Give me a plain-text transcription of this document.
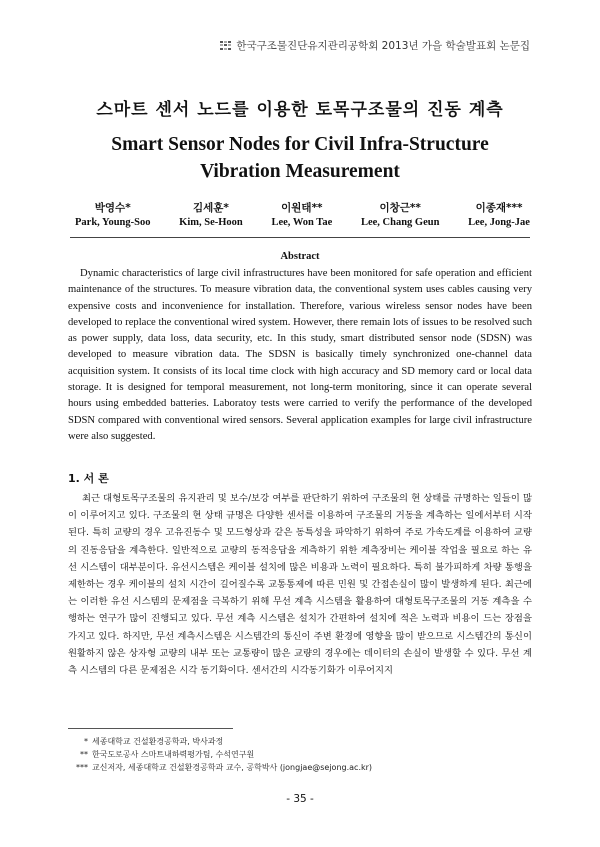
한국구조물진단유지관리공학회 2013년 가을 학술발표회 논문집
스마트 센서 노드를 이용한 토목구조물의 진동 계측
Smart Sensor Nodes for Civil Infra-Structure Vibration Measurement
박영수*
Park, Young-Soo
김세훈*
Kim, Se-Hoon
이원태**
Lee, Won Tae
이창근**
Lee, Chang Geun
이종재***
Lee, Jong-Jae
Abstract

Dynamic characteristics of large civil infrastructures have been monitored for safe operation and efficient maintenance of the structures. To measure vibration data, the conventional system uses cables causing very expensive costs and inconvenience for installation. Therefore, various wireless sensor nodes have been developed to replace the conventional wired system. However, there remain lots of issues to be resolved such as power supply, data loss, data security, etc. In this study, smart distributed sensor node (SDSN) was developed to measure vibration data. The SDSN is basically timely synchronized one-channel data acquisition system. It consists of its local time clock with high accuracy and SD memory card or local data storage. It is designed for temporal measurement, not long-term monitoring, since it can operate several hours using embedded batteries. Laboratoy tests were carried to verify the performance of the developed SDSN compared with conventional wired sensors. Several application examples for large civil infrastructure were also suggested.

1. 서 론

최근 대형토목구조물의 유지관리 및 보수/보강 여부를 판단하기 위하여 구조물의 현 상태를 규명하는 일들이 많이 이루어지고 있다. 구조물의 현 상태 규명은 다양한 센서를 이용하여 구조물의 거동을 계측하는 일에서부터 시작된다. 특히 교량의 경우 고유진동수 및 모드형상과 같은 동특성을 파악하기 위하여 주로 가속도계를 이용하여 교량의 진동응답을 계측한다. 일반적으로 교량의 동적응답을 계측하기 위한 계측장비는 케이블 작업을 필요로 하는 유선 시스템이 대부분이다. 유선시스템은 케이블 설치에 많은 비용과 노력이 필요하다. 특히 불가피하게 차량 통행을 제한하는 경우 케이블의 설치 시간이 길어질수록 교통통제에 따른 민원 및 간접손실이 많이 발생하게 된다. 최근에는 이러한 유선 시스템의 문제점을 극복하기 위해 무선 계측 시스템을 활용하여 대형토목구조물의 거동 계측을 수행하는 연구가 많이 진행되고 있다. 무선 계측 시스템은 설치가 간편하여 설치에 적은 노력과 비용이 드는 장점을 가지고 있다. 하지만, 무선 계측시스템은 시스템간의 통신이 주변 환경에 영향을 많이 받으므로 시스템간의 통신이 원활하지 않은 상자형 교량의 내부 또는 교통량이 많은 교량의 경우에는 데이터의 손실이 발생할 수 있다. 무선 계측 시스템의 다른 문제점은 시각 동기화이다. 센서간의 시각동기화가 이루어지지

* 세종대학교 건설환경공학과, 박사과정
** 한국도로공사 스마트내하력평가팀, 수석연구원
*** 교신저자, 세종대학교 건설환경공학과 교수, 공학박사 (jongjae@sejong.ac.kr)
- 35 -
